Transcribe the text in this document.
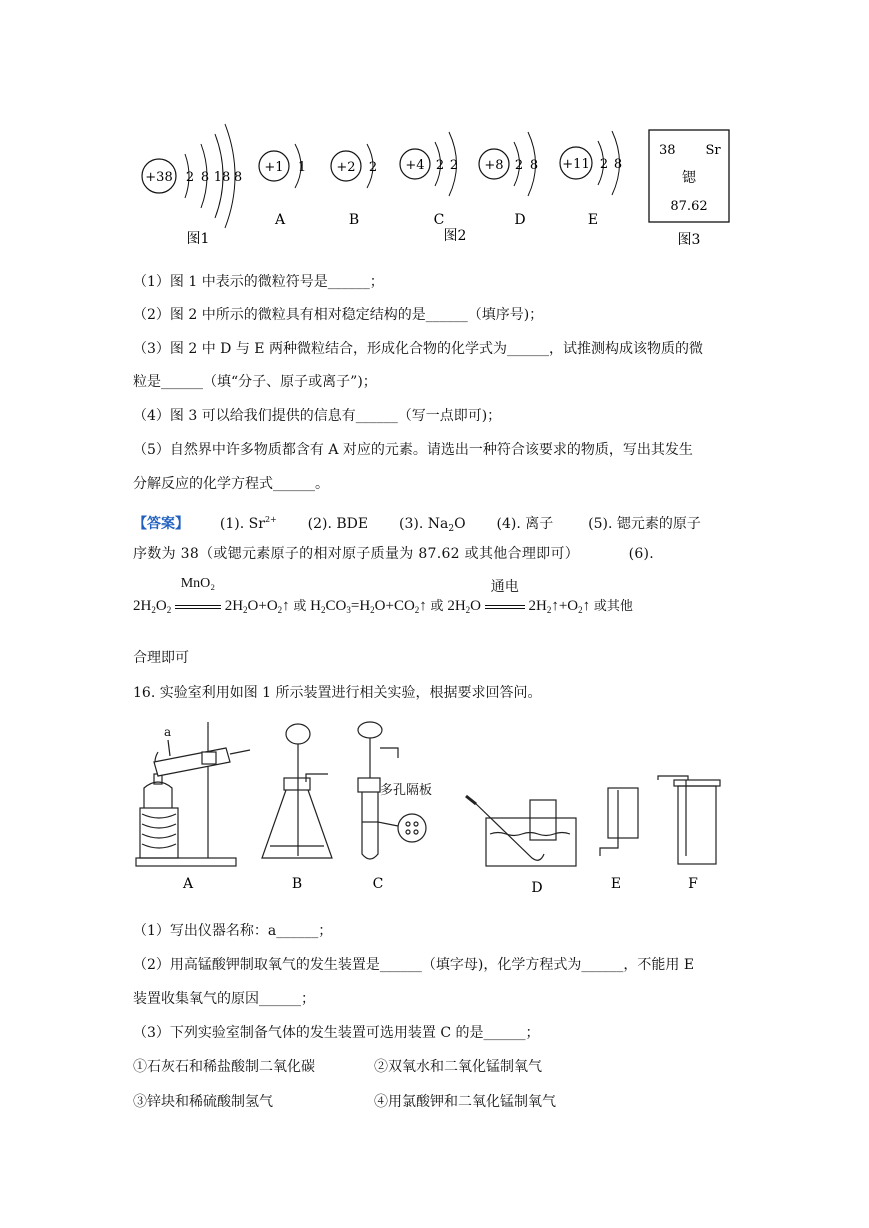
+38 2 8 18 8
图1
+1 1
A
+2 2
B
+4 2 2
C
+8 2 8
D
+11 2 8
E
图2
38 Sr
锶
87.62
图3
（1）图 1 中表示的微粒符号是______；
（2）图 2 中所示的微粒具有相对稳定结构的是______（填序号)；
（3）图 2 中 D 与 E 两种微粒结合，形成化合物的化学式为______，试推测构成该物质的微
粒是______（填“分子、原子或离子”)；
（4）图 3 可以给我们提供的信息有______（写一点即可)；
（5）自然界中许多物质都含有 A 对应的元素。请选出一种符合该要求的物质，写出其发生
分解反应的化学方程式______。
【答案】 (1). $Sr^{2+}$ (2). BDE (3). $Na_2O$ (4). 离子 (5). 锶元素的原子
序数为 38（或锶元素原子的相对原子质量为 87.62 或其他合理即可）	(6).
$2H_2O_2$
MnO₂
$2H_2O+O_2↑$ 或 $H_2CO_3=H_2O+CO_2↑$ 或 $2H_2O$
通电
$2H_2↑+O_2↑$ 或其他
合理即可
16. 实验室利用如图 1 所示装置进行相关实验，根据要求回答问。
a
多孔隔板
A	B	C	D	E	F
（1）写出仪器名称：a______；
（2）用高锰酸钾制取氧气的发生装置是______（填字母)，化学方程式为______，不能用 E
装置收集氧气的原因______；
（3）下列实验室制备气体的发生装置可选用装置 C 的是______；
①石灰石和稀盐酸制二氧化碳	②双氧水和二氧化锰制氧气
③锌块和稀硫酸制氢气	④用氯酸钾和二氧化锰制氧气
